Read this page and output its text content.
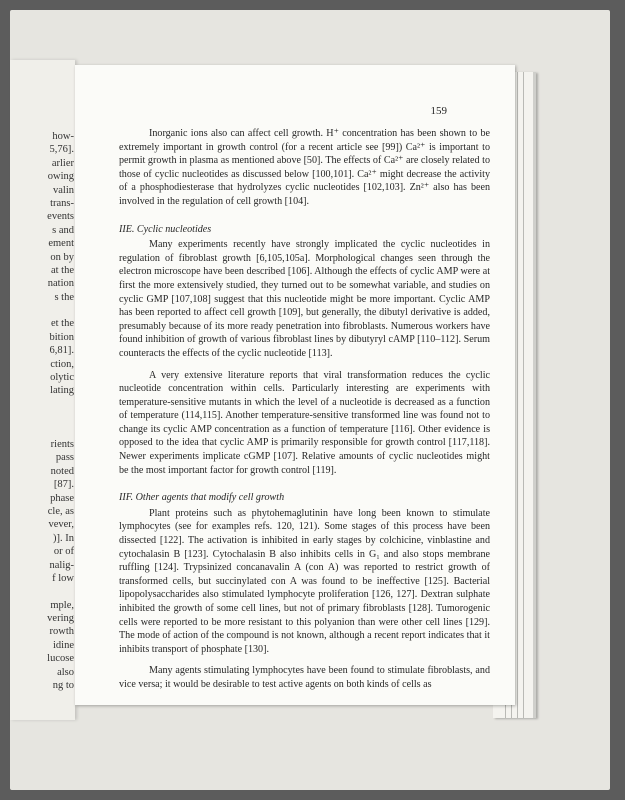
how-
5,76].
arlier
owing
valin
trans-
events
s and
ement
on by
at the
nation
s the
et the
bition
6,81].
ction,
olytic
lating
rients
pass
noted
[87].
phase
cle, as
vever,
)]. In
or of
nalig-
f low
mple,
vering
rowth
idine
lucose
also
ng to
159

Inorganic ions also can affect cell growth. H⁺ concentration has been shown to be extremely important in growth control (for a recent article see [99]) Ca²⁺ is important to permit growth in plasma as mentioned above [50]. The effects of Ca²⁺ are closely related to those of cyclic nucleotides as discussed below [100,101]. Ca²⁺ might decrease the activity of a phosphodiesterase that hydrolyzes cyclic nucleotides [102,103]. Zn²⁺ also has been involved in the regulation of cell growth [104].

IIE. Cyclic nucleotides

Many experiments recently have strongly implicated the cyclic nucleotides in regulation of fibroblast growth [6,105,105a]. Morphological changes seen through the electron microscope have been described [106]. Although the effects of cyclic AMP were at first the more extensively studied, they turned out to be somewhat variable, and studies on cyclic GMP [107,108] suggest that this nucleotide might be more important. Cyclic AMP has been reported to affect cell growth [109], but generally, the dibutyl derivative is added, presumably because of its more ready penetration into fibroblasts. Numerous workers have found inhibition of growth of various fibroblast lines by dibutyryl cAMP [110–112]. Serum counteracts the effects of the cyclic nucleotide [113].

A very extensive literature reports that viral transformation reduces the cyclic nucleotide concentration within cells. Particularly interesting are experiments with temperature-sensitive mutants in which the level of a nucleotide is decreased as a function of temperature (114,115]. Another temperature-sensitive transformed line was found not to change its cyclic AMP concentration as a function of temperature [116]. Other evidence is opposed to the idea that cyclic AMP is primarily responsible for growth control [117,118]. Newer experiments implicate cGMP [107]. Relative amounts of cyclic nucleotides might be the most important factor for growth control [119].

IIF. Other agents that modify cell growth

Plant proteins such as phytohemaglutinin have long been known to stimulate lymphocytes (see for examples refs. 120, 121). Some stages of this process have been dissected [122]. The activation is inhibited in early stages by colchicine, vinblastine and cytochalasin B [123]. Cytochalasin B also inhibits cells in G₁ and also stops membrane ruffling [124]. Trypsinized concanavalin A (con A) was reported to restrict growth of transformed cells, but succinylated con A was found to be ineffective [125]. Bacterial lipopolysaccharides also stimulated lymphocyte proliferation [126, 127]. Dextran sulphate inhibited the growth of some cell lines, but not of primary fibroblasts [128]. Tumorogenic cells were reported to be more resistant to this polyanion than were other cell lines [129]. The mode of action of the compound is not known, although a recent report indicates that it inhibits transport of phosphate [130].

Many agents stimulating lymphocytes have been found to stimulate fibroblasts, and vice versa; it would be desirable to test active agents on both kinds of cells as
